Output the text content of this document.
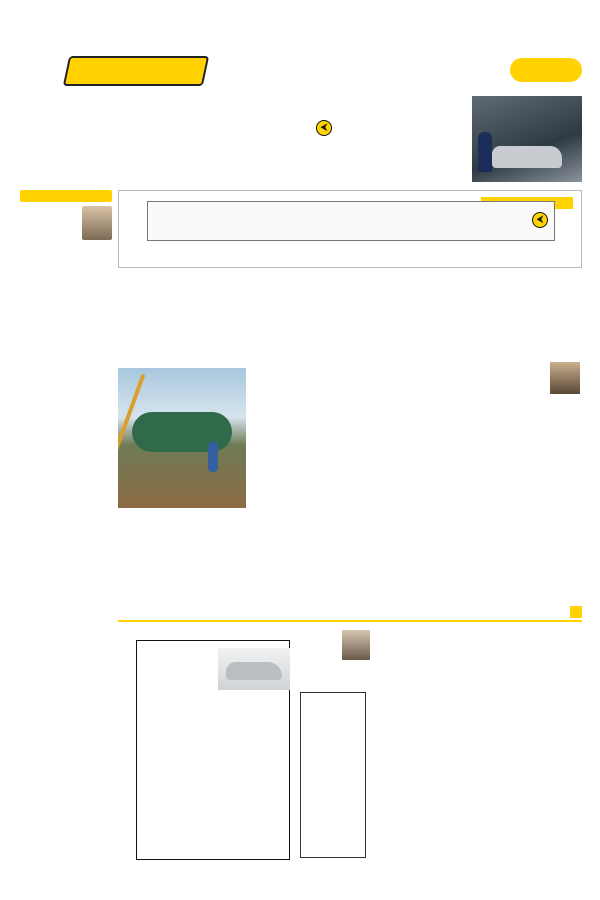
⮜

⮜
